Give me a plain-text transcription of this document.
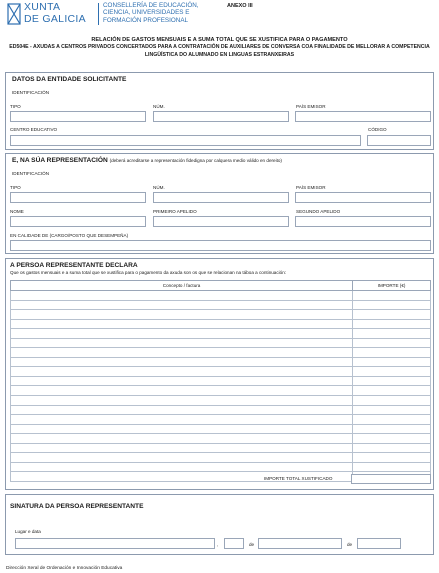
XUNTA
DE GALICIA
CONSELLERÍA DE EDUCACIÓN,
CIENCIA, UNIVERSIDADES E
FORMACIÓN PROFESIONAL
ANEXO III
RELACIÓN DE GASTOS MENSUAIS E A SUMA TOTAL QUE SE XUSTIFICA PARA O PAGAMENTO
ED504E - AXUDAS A CENTROS PRIVADOS CONCERTADOS PARA A CONTRATACIÓN DE AUXILIARES DE CONVERSA COA FINALIDADE DE MELLORAR A COMPETENCIA
LINGÜÍSTICA DO ALUMNADO EN LINGUAS ESTRANXEIRAS
DATOS DA ENTIDADE SOLICITANTE
IDENTIFICACIÓN
TIPO	NÚM.	PAÍS EMISOR
CENTRO EDUCATIVO	CÓDIGO
E, NA SÚA REPRESENTACIÓN (deberá acreditarse a representación fidedigna por calquera medio válido en dereito)
IDENTIFICACIÓN
TIPO	NÚM.	PAÍS EMISOR
NOME	PRIMEIRO APELIDO	SEGUNDO APELIDO
EN CALIDADE DE (CARGO/POSTO QUE DESEMPEÑA)
A PERSOA REPRESENTANTE DECLARA
Que os gastos mensuais e a suma total que se xustifica para o pagamento da axuda son os que se relacionan na táboa a continuación:
Concepto / factura	IMPORTE (€)

IMPORTE TOTAL XUSTIFICADO
SINATURA DA PERSOA REPRESENTANTE
Lugar e data
,	de	de
Dirección Xeral de Ordenación e Innovación Educativa
